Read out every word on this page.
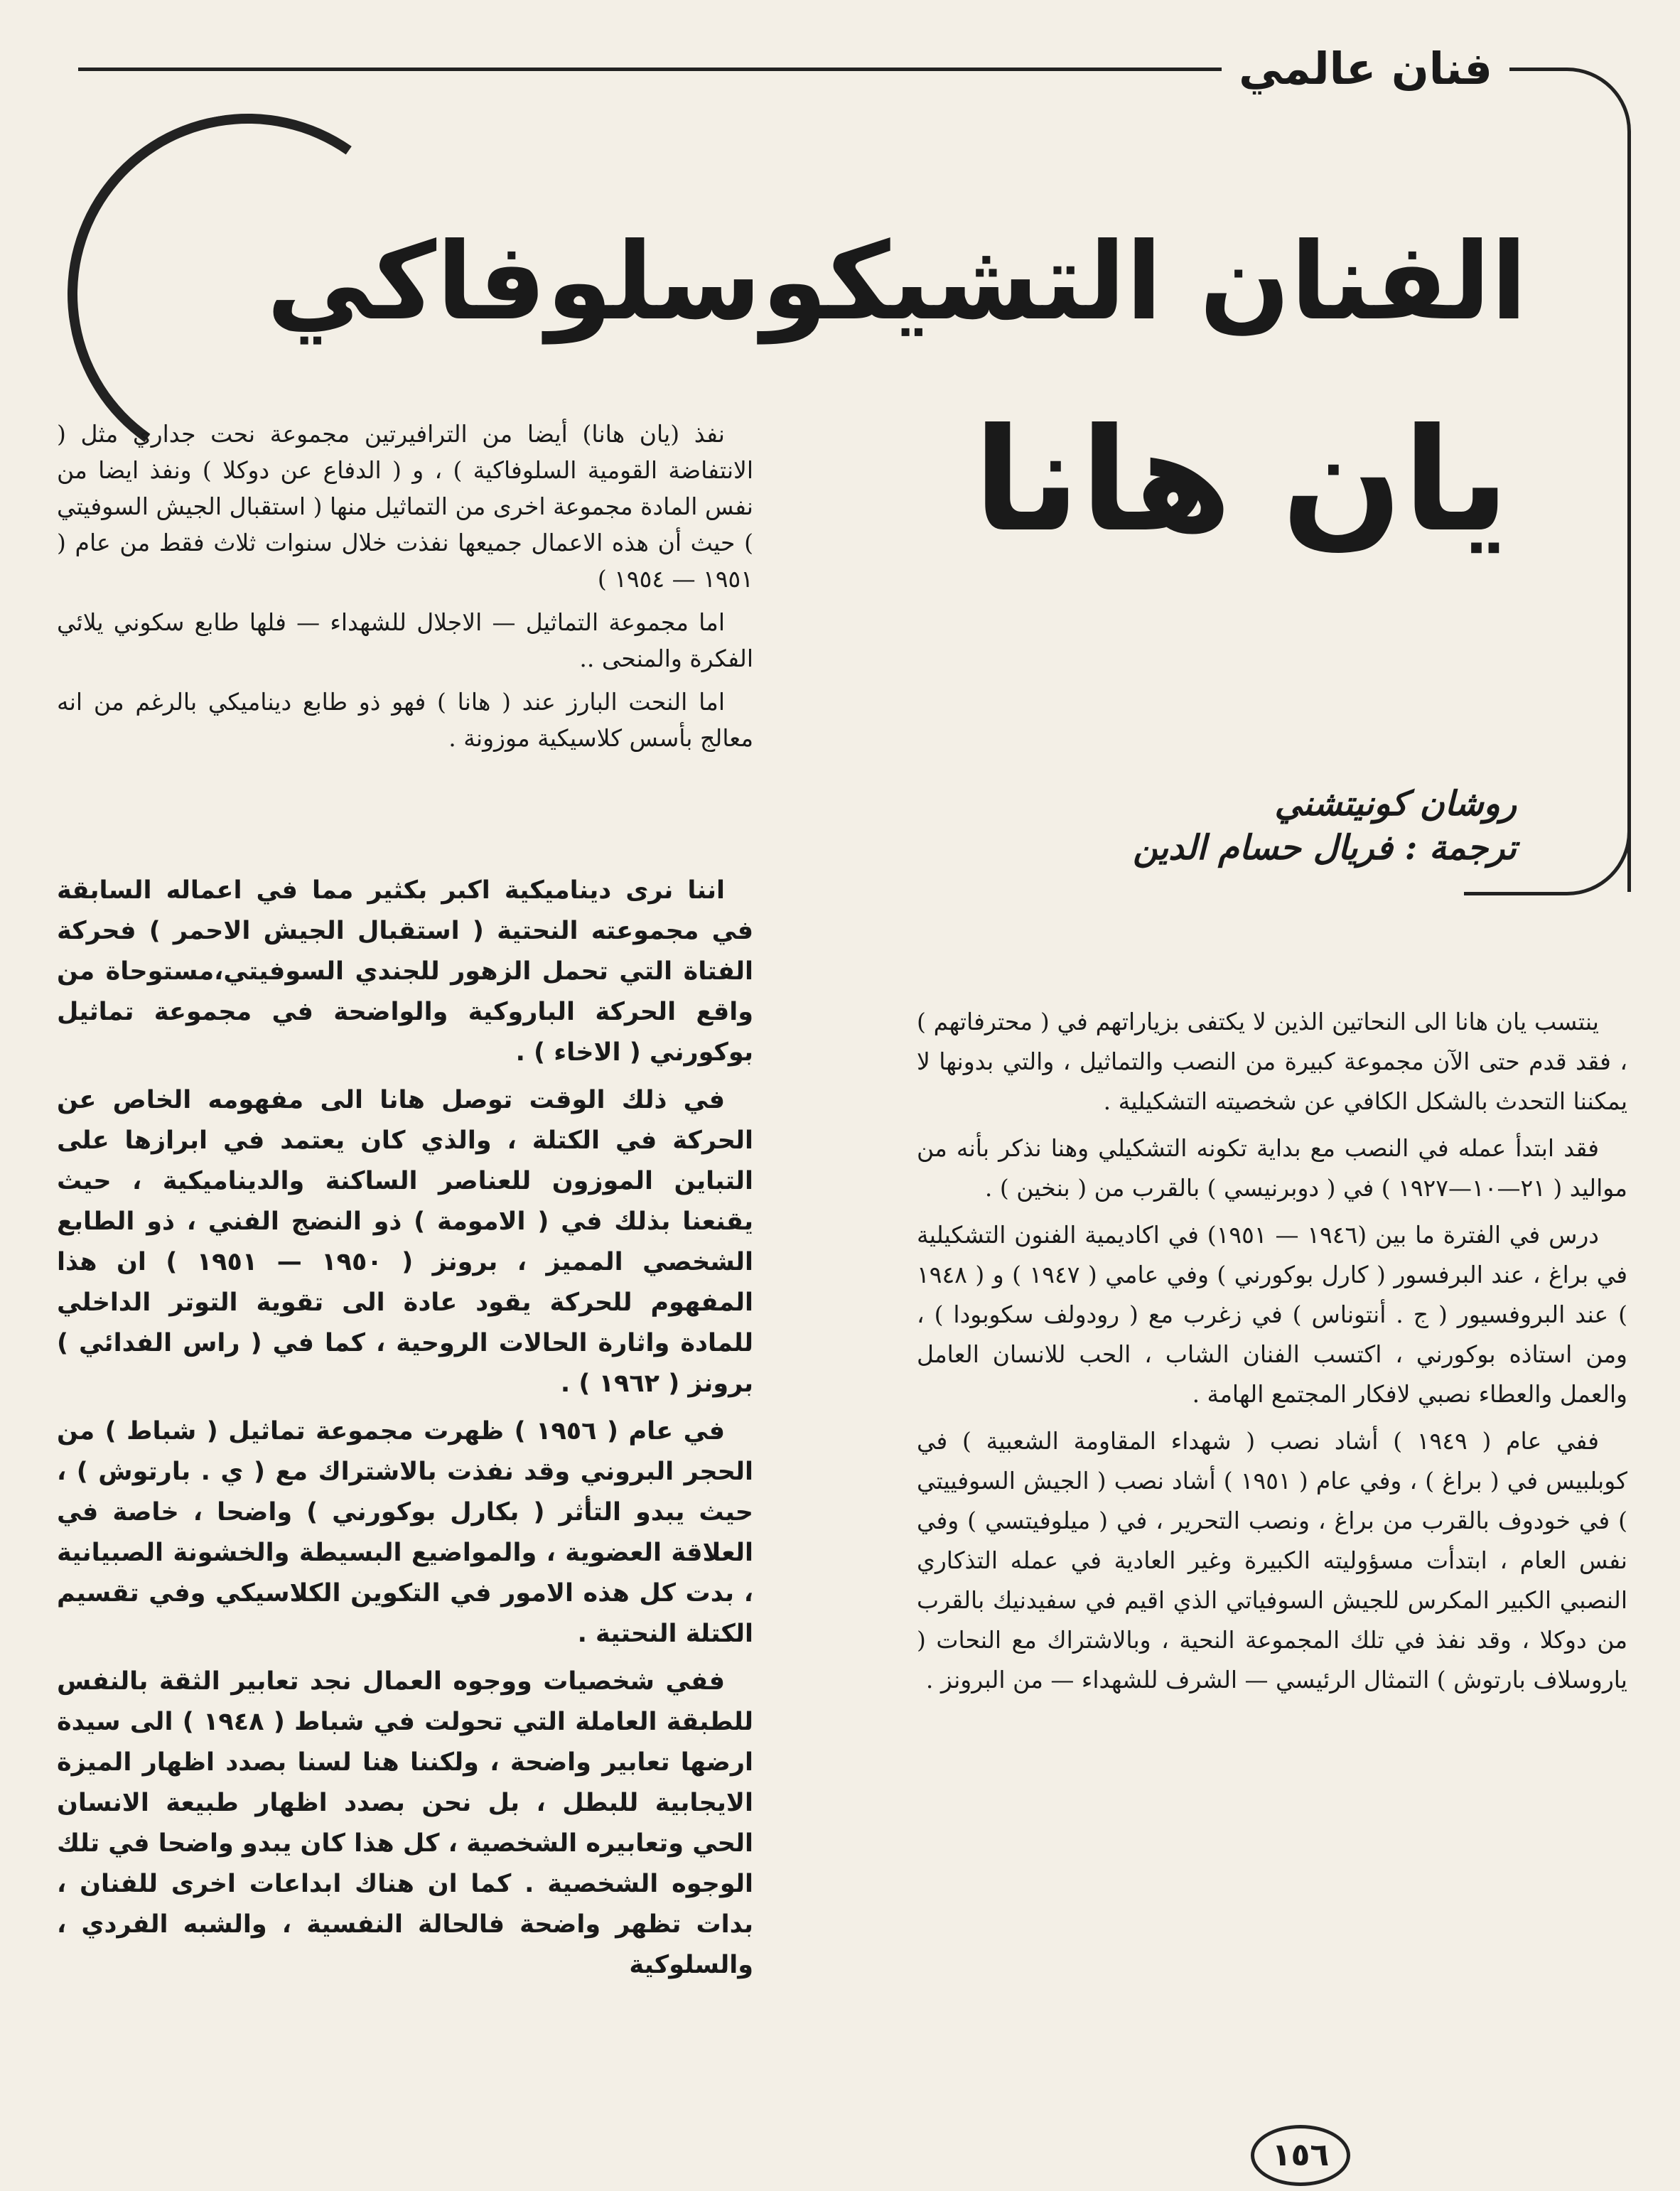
فنان عالمي
الفنان التشيكوسلوفاكي
يان هانا
روشان كونيتشني
ترجمة : فريال حسام الدين

نفذ (يان هانا) أيضا من الترافيرتين مجموعة نحت جداري مثل ( الانتفاضة القومية السلوفاكية ) ، و ( الدفاع عن دوكلا ) ونفذ ايضا من نفس المادة مجموعة اخرى من التماثيل منها ( استقبال الجيش السوفيتي ) حيث أن هذه الاعمال جميعها نفذت خلال سنوات ثلاث فقط من عام ( ١٩٥١ — ١٩٥٤ )

اما مجموعة التماثيل — الاجلال للشهداء — فلها طابع سكوني يلائي الفكرة والمنحى ..

اما النحت البارز عند ( هانا ) فهو ذو طابع ديناميكي بالرغم من انه معالج بأسس كلاسيكية موزونة .

اننا نرى ديناميكية اكبر بكثير مما في اعماله السابقة في مجموعته النحتية ( استقبال الجيش الاحمر ) فحركة الفتاة التي تحمل الزهور للجندي السوفيتي،مستوحاة من واقع الحركة الباروكية والواضحة في مجموعة تماثيل بوكورني ( الاخاء ) .

في ذلك الوقت توصل هانا الى مفهومه الخاص عن الحركة في الكتلة ، والذي كان يعتمد في ابرازها على التباين الموزون للعناصر الساكنة والديناميكية ، حيث يقنعنا بذلك في ( الامومة ) ذو النضج الفني ، ذو الطابع الشخصي المميز ، برونز ( ١٩٥٠ — ١٩٥١ ) ان هذا المفهوم للحركة يقود عادة الى تقوية التوتر الداخلي للمادة واثارة الحالات الروحية ، كما في ( راس الفدائي ) برونز ( ١٩٦٢ ) .

في عام ( ١٩٥٦ ) ظهرت مجموعة تماثيل ( شباط ) من الحجر البروني وقد نفذت بالاشتراك مع ( ي . بارتوش ) ، حيث يبدو التأثر ( بكارل بوكورني ) واضحا ، خاصة في العلاقة العضوية ، والمواضيع البسيطة والخشونة الصبيانية ، بدت كل هذه الامور في التكوين الكلاسيكي وفي تقسيم الكتلة النحتية .

ففي شخصيات ووجوه العمال نجد تعابير الثقة بالنفس للطبقة العاملة التي تحولت في شباط ( ١٩٤٨ ) الى سيدة ارضها تعابير واضحة ، ولكننا هنا لسنا بصدد اظهار الميزة الايجابية للبطل ، بل نحن بصدد اظهار طبيعة الانسان الحي وتعابيره الشخصية ، كل هذا كان يبدو واضحا في تلك الوجوه الشخصية . كما ان هناك ابداعات اخرى للفنان ، بدات تظهر واضحة فالحالة النفسية ، والشبه الفردي ، والسلوكية

ينتسب يان هانا الى النحاتين الذين لا يكتفى بزياراتهم في ( محترفاتهم ) ، فقد قدم حتى الآن مجموعة كبيرة من النصب والتماثيل ، والتي بدونها لا يمكننا التحدث بالشكل الكافي عن شخصيته التشكيلية .

فقد ابتدأ عمله في النصب مع بداية تكونه التشكيلي وهنا نذكر بأنه من مواليد ( ٢١—١٠—١٩٢٧ ) في ( دوبرنيسي ) بالقرب من ( بنخين ) .

درس في الفترة ما بين (١٩٤٦ — ١٩٥١) في اكاديمية الفنون التشكيلية في براغ ، عند البرفسور ( كارل بوكورني ) وفي عامي ( ١٩٤٧ ) و ( ١٩٤٨ ) عند البروفسيور ( ج . أنتوناس ) في زغرب مع ( رودولف سكوبودا ) ، ومن استاذه بوكورني ، اكتسب الفنان الشاب ، الحب للانسان العامل والعمل والعطاء نصبي لافكار المجتمع الهامة .

ففي عام ( ١٩٤٩ ) أشاد نصب ( شهداء المقاومة الشعبية ) في كوبلبيس في ( براغ ) ، وفي عام ( ١٩٥١ ) أشاد نصب ( الجيش السوفييتي ) في خودوف بالقرب من براغ ، ونصب التحرير ، في ( ميلوفيتسي ) وفي نفس العام ، ابتدأت مسؤوليته الكبيرة وغير العادية في عمله التذكاري النصبي الكبير المكرس للجيش السوفياتي الذي اقيم في سفيدنيك بالقرب من دوكلا ، وقد نفذ في تلك المجموعة النحية ، وبالاشتراك مع النحات ( ياروسلاف بارتوش ) التمثال الرئيسي — الشرف للشهداء — من البرونز .

١٥٦
